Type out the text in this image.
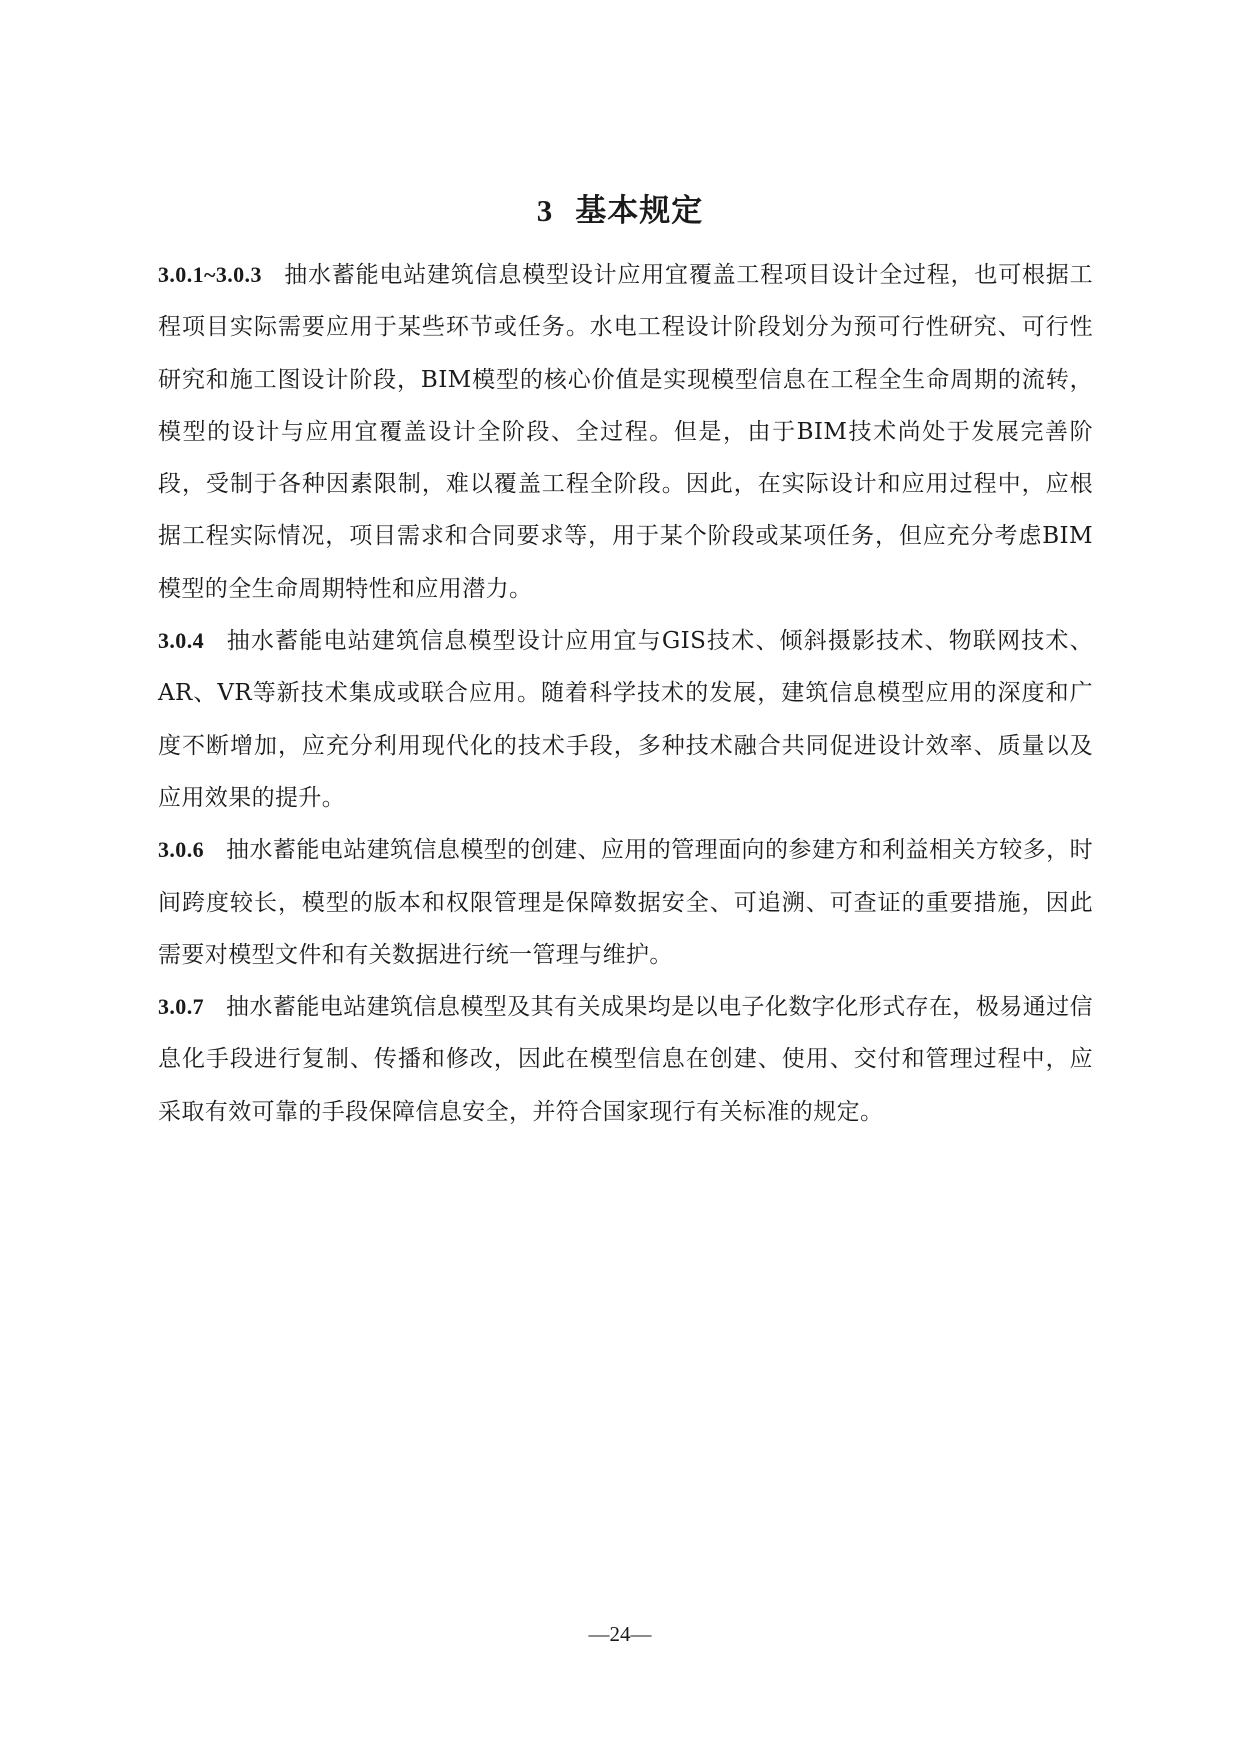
3 基本规定

3.0.1~3.0.3 抽水蓄能电站建筑信息模型设计应用宜覆盖工程项目设计全过程，也可根据工程项目实际需要应用于某些环节或任务。水电工程设计阶段划分为预可行性研究、可行性研究和施工图设计阶段，BIM模型的核心价值是实现模型信息在工程全生命周期的流转，模型的设计与应用宜覆盖设计全阶段、全过程。但是，由于BIM技术尚处于发展完善阶段，受制于各种因素限制，难以覆盖工程全阶段。因此，在实际设计和应用过程中，应根据工程实际情况，项目需求和合同要求等，用于某个阶段或某项任务，但应充分考虑BIM模型的全生命周期特性和应用潜力。

3.0.4 抽水蓄能电站建筑信息模型设计应用宜与GIS技术、倾斜摄影技术、物联网技术、AR、VR等新技术集成或联合应用。随着科学技术的发展，建筑信息模型应用的深度和广度不断增加，应充分利用现代化的技术手段，多种技术融合共同促进设计效率、质量以及应用效果的提升。

3.0.6 抽水蓄能电站建筑信息模型的创建、应用的管理面向的参建方和利益相关方较多，时间跨度较长，模型的版本和权限管理是保障数据安全、可追溯、可查证的重要措施，因此需要对模型文件和有关数据进行统一管理与维护。

3.0.7 抽水蓄能电站建筑信息模型及其有关成果均是以电子化数字化形式存在，极易通过信息化手段进行复制、传播和修改，因此在模型信息在创建、使用、交付和管理过程中，应采取有效可靠的手段保障信息安全，并符合国家现行有关标准的规定。

—24—
